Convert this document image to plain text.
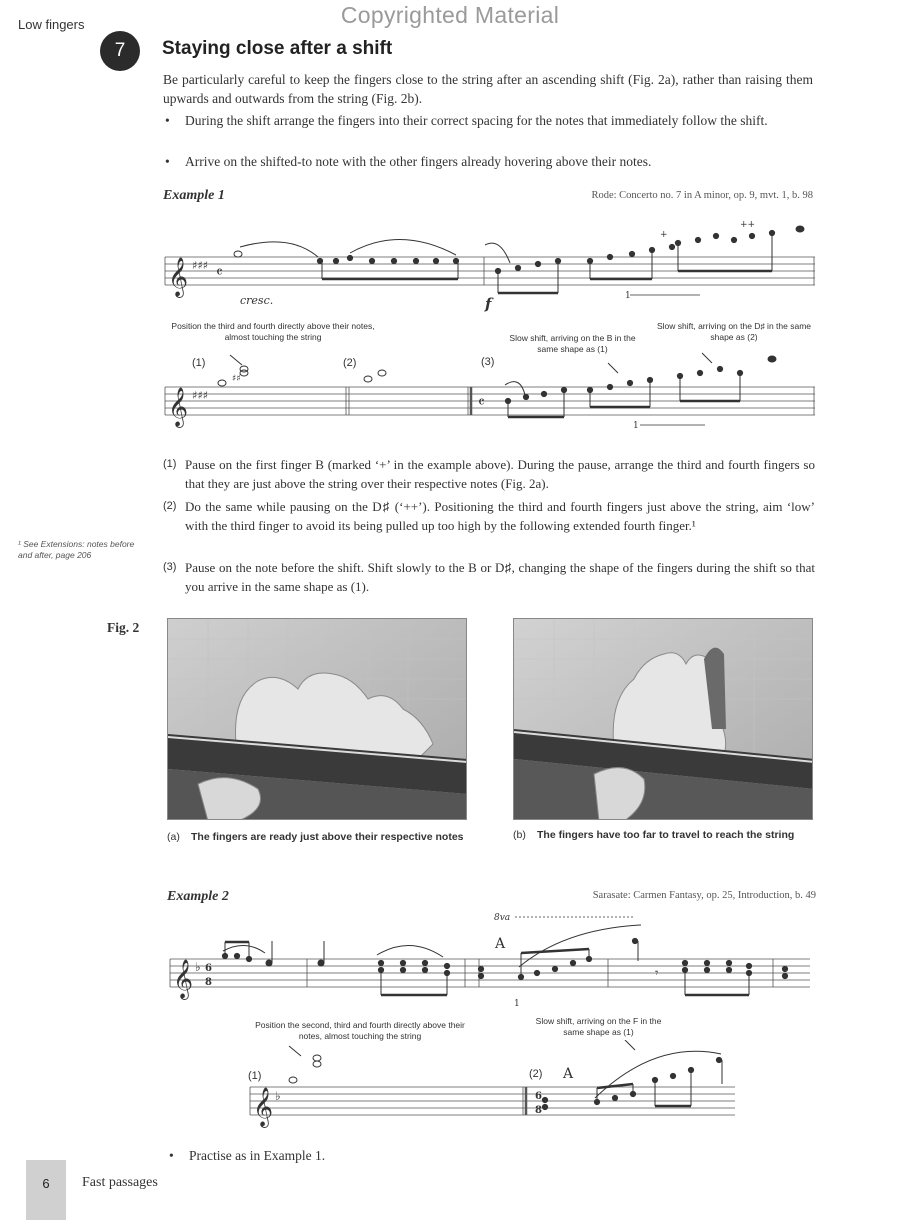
Copyrighted Material
Low fingers
7	Staying close after a shift
Be particularly careful to keep the fingers close to the string after an ascending shift (Fig. 2a), rather than raising them upwards and outwards from the string (Fig. 2b).
• During the shift arrange the fingers into their correct spacing for the notes that immediately follow the shift.
• Arrive on the shifted-to note with the other fingers already hovering above their notes.
Example 1	Rode: Concerto no. 7 in A minor, op. 9, mvt. 1, b. 98
𝄞 ♯♯♯ 𝄴
+
++
1
cresc.	f
Position the third and fourth directly above their notes, almost touching the string	Slow shift, arriving on the B in the same shape as (1)
Slow shift, arriving on the D♯ in the same shape as (2)
𝄞 ♯♯♯	𝄴
♯♯
1
(1)	(2)	(3)
(1) Pause on the first finger B (marked ‘+’ in the example above). During the pause, arrange the third and fourth fingers so that they are just above the string over their respective notes (Fig. 2a).
(2) Do the same while pausing on the D♯ (‘++’). Positioning the third and fourth fingers just above the string, aim ‘low’ with the third finger to avoid its being pulled up too high by the following extended fourth finger.¹
(3) Pause on the note before the shift. Shift slowly to the B or D♯, changing the shape of the fingers during the shift so that you arrive in the same shape as (1).
¹ See Extensions: notes before and after, page 206
Fig. 2
(a) The fingers are ready just above their respective notes	(b) The fingers have too far to travel to reach the string
Example 2	Sarasate: Carmen Fantasy, op. 25, Introduction, b. 49
𝄞 ♭ 6
8
A
8va
𝄾
1
Position the second, third and fourth directly above their notes, almost touching the string
Slow shift, arriving on the F in the same shape as (1)
𝄞 ♭	6
8
A
(1)	(2)
• Practise as in Example 1.
6	Fast passages
